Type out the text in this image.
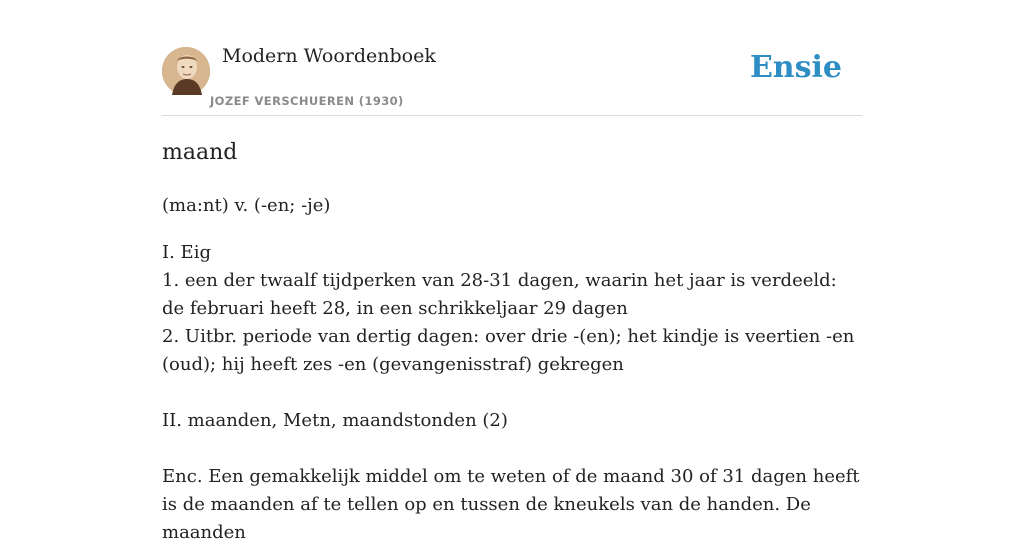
Modern Woordenboek
JOZEF VERSCHUEREN (1930)
Ensie
maand
(ma:nt) v. (-en; -je)

I. Eig

1. een der twaalf tijdperken van 28-31 dagen, waarin het jaar is verdeeld: de februari heeft 28, in een schrikkeljaar 29 dagen

2. Uitbr. periode van dertig dagen: over drie -(en); het kindje is veertien -en (oud); hij heeft zes -en (gevangenisstraf) gekregen

II. maanden, Metn, maandstonden (2)

Enc. Een gemakkelijk middel om te weten of de maand 30 of 31 dagen heeft is de maanden af te tellen op en tussen de kneukels van de handen. De maanden
